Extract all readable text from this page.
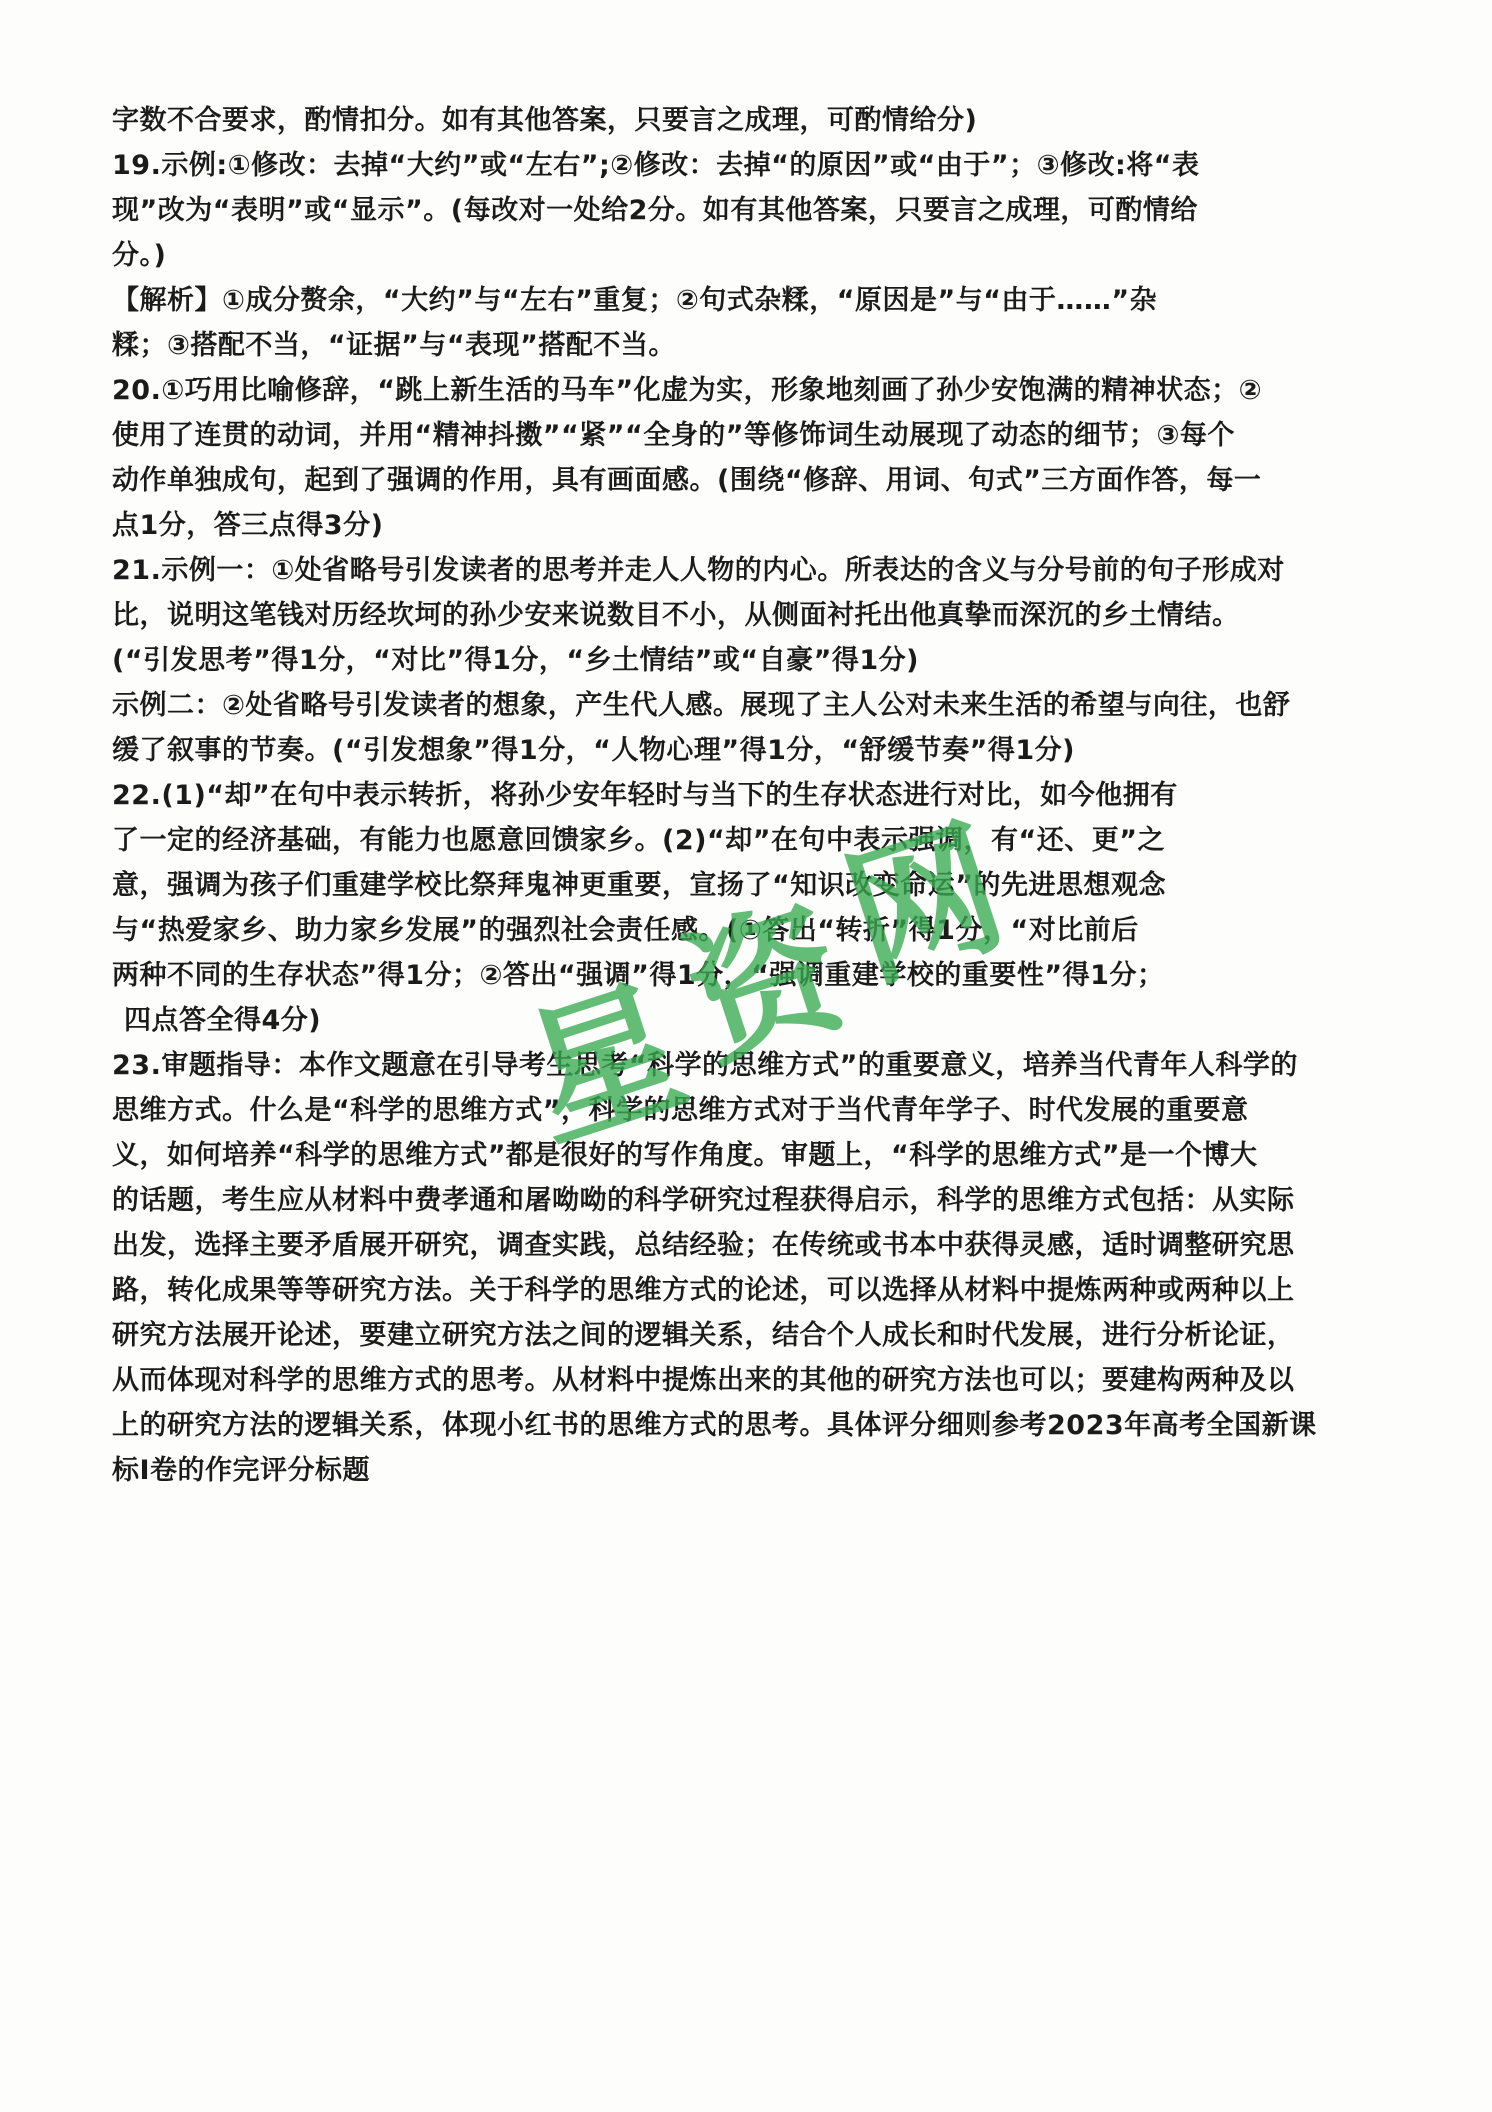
字数不合要求，酌情扣分。如有其他答案，只要言之成理，可酌情给分)
19.示例:①修改：去掉“大约”或“左右”;②修改：去掉“的原因”或“由于”；③修改:将“表
现”改为“表明”或“显示”。(每改对一处给2分。如有其他答案，只要言之成理，可酌情给
分。)
【解析】①成分赘余，“大约”与“左右”重复；②句式杂糅，“原因是”与“由于……”杂
糅；③搭配不当，“证据”与“表现”搭配不当。
20.①巧用比喻修辞，“跳上新生活的马车”化虚为实，形象地刻画了孙少安饱满的精神状态；②
使用了连贯的动词，并用“精神抖擞”“紧”“全身的”等修饰词生动展现了动态的细节；③每个
动作单独成句，起到了强调的作用，具有画面感。(围绕“修辞、用词、句式”三方面作答，每一
点1分，答三点得3分)
21.示例一：①处省略号引发读者的思考并走人人物的内心。所表达的含义与分号前的句子形成对
比，说明这笔钱对历经坎坷的孙少安来说数目不小，从侧面衬托出他真挚而深沉的乡土情结。
(“引发思考”得1分，“对比”得1分，“乡土情结”或“自豪”得1分)
示例二：②处省略号引发读者的想象，产生代人感。展现了主人公对未来生活的希望与向往，也舒
缓了叙事的节奏。(“引发想象”得1分，“人物心理”得1分，“舒缓节奏”得1分)
22.(1)“却”在句中表示转折，将孙少安年轻时与当下的生存状态进行对比，如今他拥有
了一定的经济基础，有能力也愿意回馈家乡。(2)“却”在句中表示强调，有“还、更”之
意，强调为孩子们重建学校比祭拜鬼神更重要，宣扬了“知识改变命运”的先进思想观念
与“热爱家乡、助力家乡发展”的强烈社会责任感。(①答出“转折”得1分，“对比前后
两种不同的生存状态”得1分；②答出“强调”得1分，“强调重建学校的重要性”得1分；
四点答全得4分)
23.审题指导：本作文题意在引导考生思考“科学的思维方式”的重要意义，培养当代青年人科学的
思维方式。什么是“科学的思维方式”，科学的思维方式对于当代青年学子、时代发展的重要意
义，如何培养“科学的思维方式”都是很好的写作角度。审题上，“科学的思维方式”是一个博大
的话题，考生应从材料中费孝通和屠呦呦的科学研究过程获得启示，科学的思维方式包括：从实际
出发，选择主要矛盾展开研究，调查实践，总结经验；在传统或书本中获得灵感，适时调整研究思
路，转化成果等等研究方法。关于科学的思维方式的论述，可以选择从材料中提炼两种或两种以上
研究方法展开论述，要建立研究方法之间的逻辑关系，结合个人成长和时代发展，进行分析论证，
从而体现对科学的思维方式的思考。从材料中提炼出来的其他的研究方法也可以；要建构两种及以
上的研究方法的逻辑关系，体现小红书的思维方式的思考。具体评分细则参考2023年高考全国新课
标Ⅰ卷的作完评分标题
星
资
网
